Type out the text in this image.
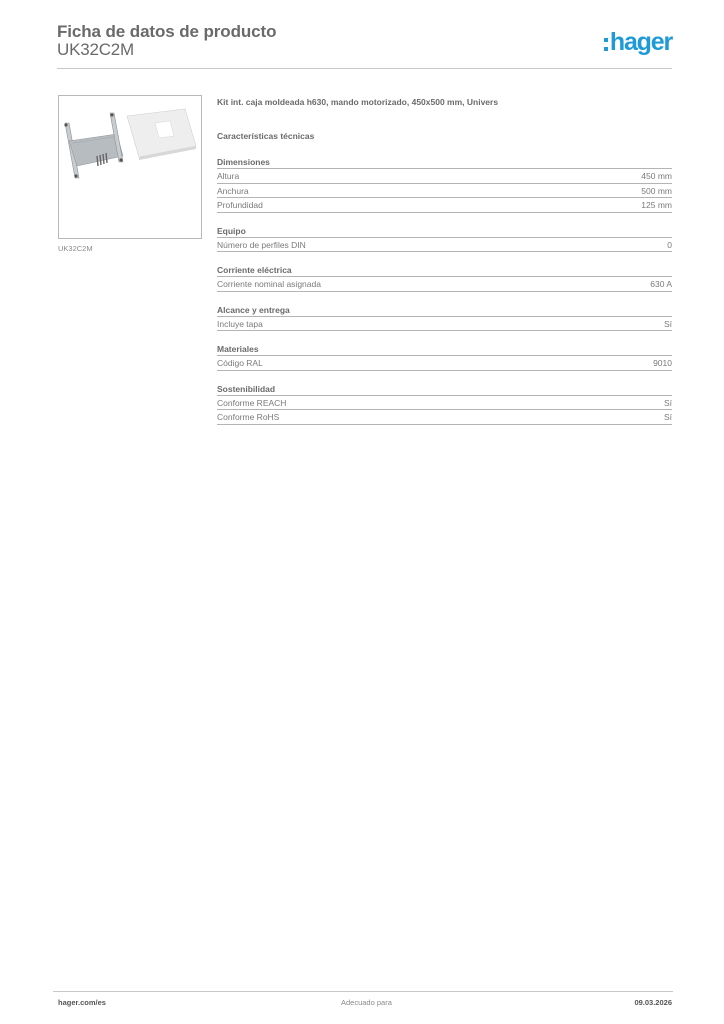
Ficha de datos de producto
UK32C2M	hager
UK32C2M
Kit int. caja moldeada h630, mando motorizado, 450x500 mm, Univers
Características técnicas
Dimensiones
Altura	450 mm
Anchura	500 mm
Profundidad	125 mm
Equipo
Número de perfiles DIN	0
Corriente eléctrica
Corriente nominal asignada	630 A
Alcance y entrega
Incluye tapa	Sí
Materiales
Código RAL	9010
Sostenibilidad
Conforme REACH	Sí
Conforme RoHS	Sí
hager.com/es	Adecuado para	09.03.2026
